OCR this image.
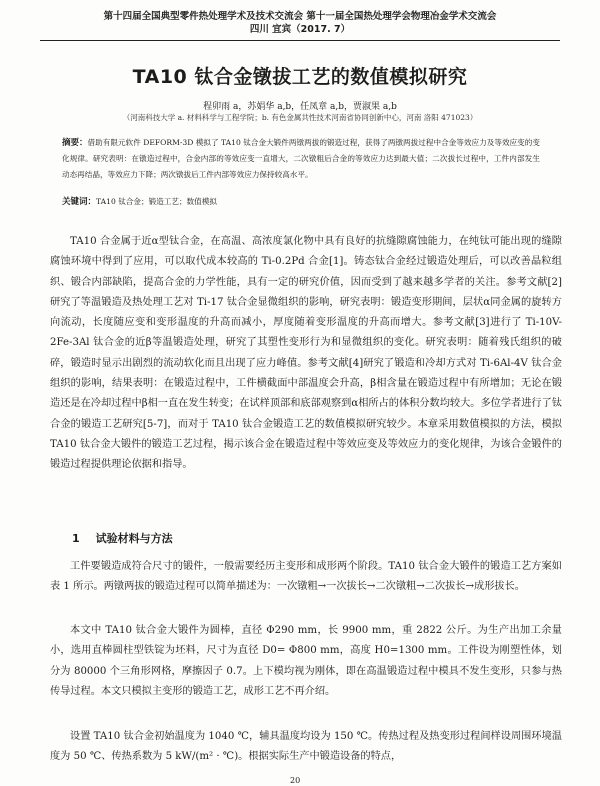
第十四届全国典型零件热处理学术及技术交流会 第十一届全国热处理学会物理冶金学术交流会
四川 宜宾（2017. 7）
TA10 钛合金镦拔工艺的数值模拟研究
程卯雨 a，苏娟华 a,b，任凤章 a,b，贾淑果 a,b
（河南科技大学 a. 材料科学与工程学院；b. 有色金属共性技术河南省协同创新中心，河南 洛阳 471023）
摘要：借助有限元软件 DEFORM-3D 模拟了 TA10 钛合金大锻件两镦两拔的锻造过程，获得了两镦两拔过程中合金等效应力及等效应变的变化规律。研究表明：在镦造过程中，合金内部的等效应变一直增大，二次镦粗后合金的等效应力达到最大值；二次拔长过程中，工件内部发生动态再结晶，等效应力下降；两次镦拔后工件内部等效应力保持较高水平。
关键词：TA10 钛合金；锻造工艺；数值模拟

TA10 合金属于近α型钛合金，在高温、高浓度氯化物中具有良好的抗缝隙腐蚀能力，在纯钛可能出现的缝隙腐蚀环境中得到了应用，可以取代成本较高的 Ti-0.2Pd 合金[1]。铸态钛合金经过锻造处理后，可以改善晶粒组织、锻合内部缺陷，提高合金的力学性能，具有一定的研究价值，因而受到了越来越多学者的关注。参考文献[2]研究了等温锻造及热处理工艺对 Ti-17 钛合金显微组织的影响，研究表明：锻造变形期间，层状α同金属的旋转方向流动，长度随应变和变形温度的升高而减小，厚度随着变形温度的升高而增大。参考文献[3]进行了 Ti-10V-2Fe-3Al 钛合金的近β等温锻造处理，研究了其塑性变形行为和显微组织的变化。研究表明：随着残氏组织的破碎，锻造时显示出剧烈的流动软化而且出现了应力峰值。参考文献[4]研究了锻造和冷却方式对 Ti-6Al-4V 钛合金组织的影响，结果表明：在锻造过程中，工件横截面中部温度会升高，β相含量在锻造过程中有所增加；无论在锻造还是在冷却过程中β相一直在发生转变；在试样顶部和底部观察到α相所占的体积分数均较大。多位学者进行了钛合金的锻造工艺研究[5-7]，而对于 TA10 钛合金锻造工艺的数值模拟研究较少。本章采用数值模拟的方法，模拟 TA10 钛合金大锻件的锻造工艺过程，揭示该合金在锻造过程中等效应变及等效应力的变化规律，为该合金锻件的锻造过程提供理论依据和指导。

1 试验材料与方法

工件要锻造成符合尺寸的锻件，一般需要经历主变形和成形两个阶段。TA10 钛合金大锻件的锻造工艺方案如表 1 所示。两镦两拔的锻造过程可以简单描述为：一次镦粗→一次拔长→二次镦粗→二次拔长→成形拔长。

本文中 TA10 钛合金大锻件为圆棒，直径 Φ290 mm，长 9900 mm，重 2822 公斤。为生产出加工余量小，选用直棒圆柱型铁锭为坯料，尺寸为直径 D0= Φ800 mm，高度 H0=1300 mm。工件设为刚塑性体，划分为 80000 个三角形网格，摩擦因子 0.7。上下模均视为刚体，即在高温锻造过程中模具不发生变形，只参与热传导过程。本文只模拟主变形的锻造工艺，成形工艺不再介绍。

设置 TA10 钛合金初始温度为 1040 ℃，辅具温度均设为 150 ℃。传热过程及热变形过程间样设周围环境温度为 50 ℃、传热系数为 5 kW/(m² · ℃)。根据实际生产中锻造设备的特点，

20
